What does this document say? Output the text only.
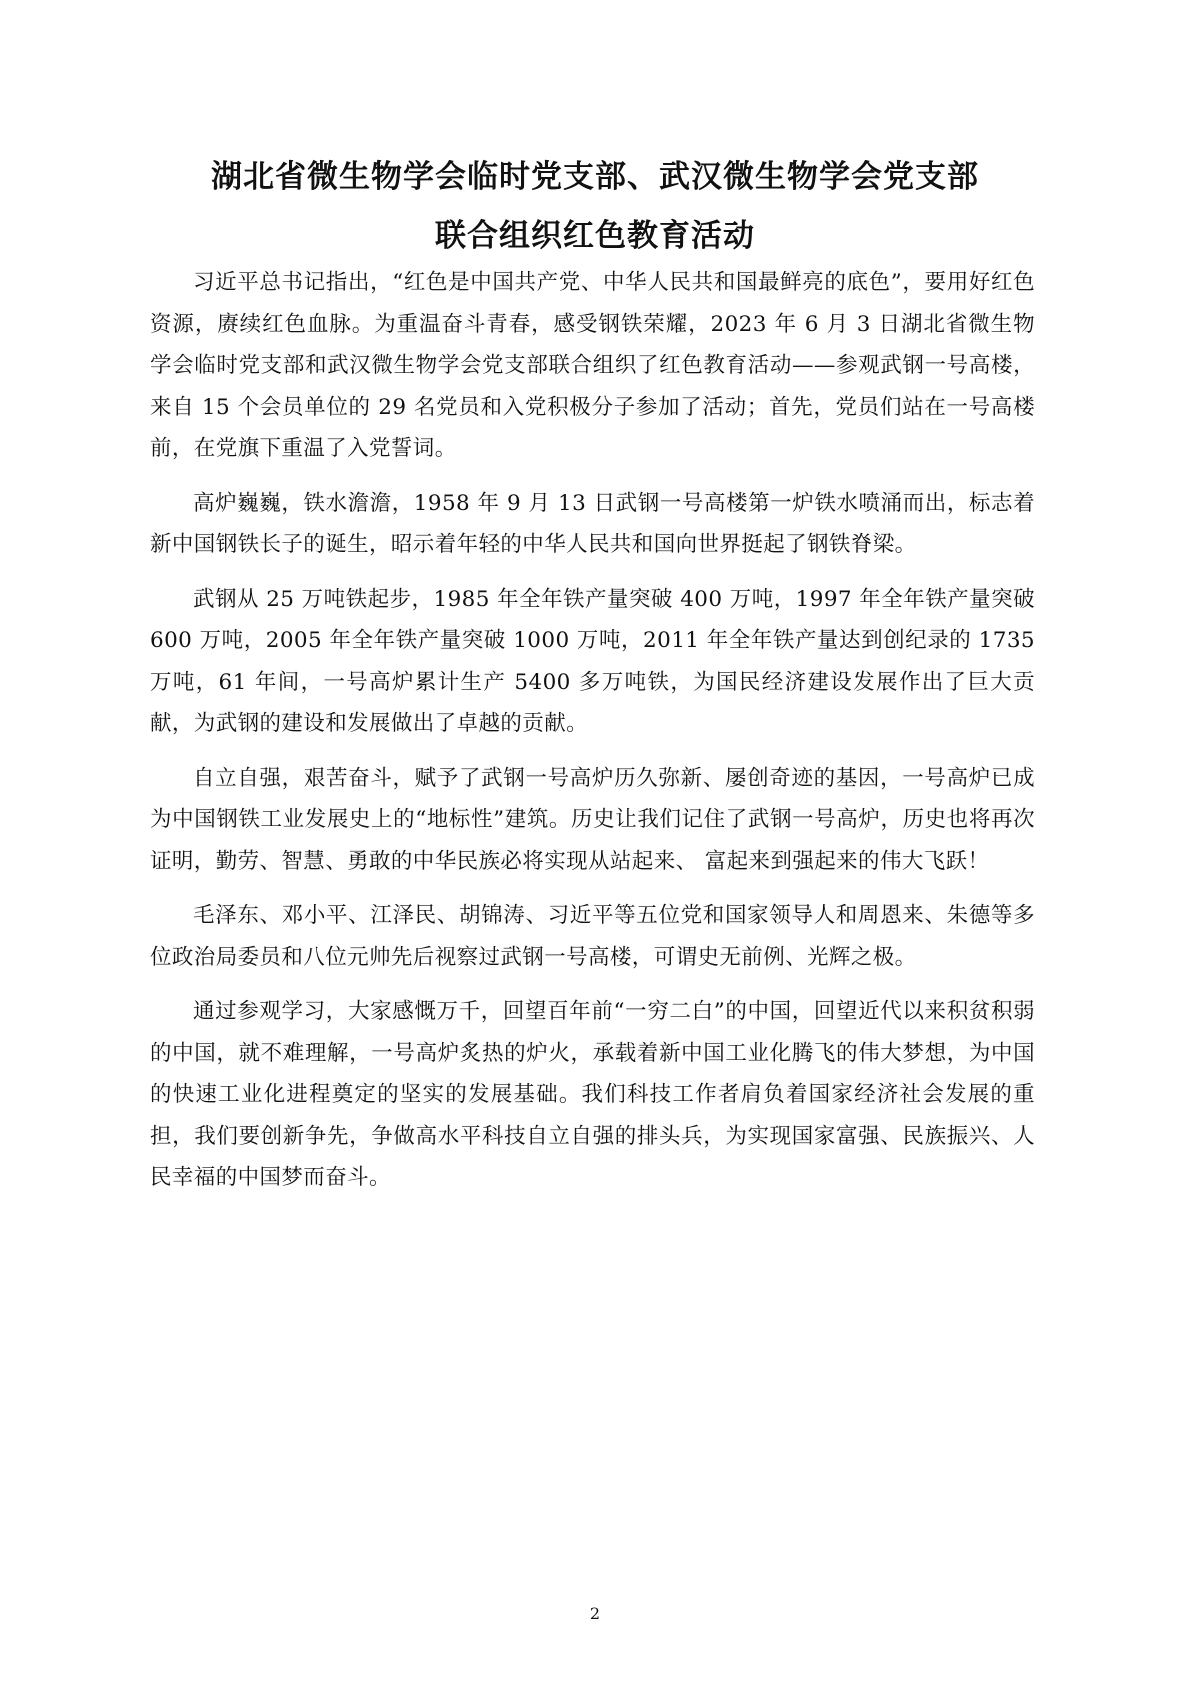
湖北省微生物学会临时党支部、武汉微生物学会党支部
联合组织红色教育活动

习近平总书记指出，“红色是中国共产党、中华人民共和国最鲜亮的底色”，要用好红色资源，赓续红色血脉。为重温奋斗青春，感受钢铁荣耀，2023 年 6 月 3 日湖北省微生物学会临时党支部和武汉微生物学会党支部联合组织了红色教育活动——参观武钢一号高楼，来自 15 个会员单位的 29 名党员和入党积极分子参加了活动；首先，党员们站在一号高楼前，在党旗下重温了入党誓词。

高炉巍巍，铁水澹澹，1958 年 9 月 13 日武钢一号高楼第一炉铁水喷涌而出，标志着新中国钢铁长子的诞生，昭示着年轻的中华人民共和国向世界挺起了钢铁脊梁。

武钢从 25 万吨铁起步，1985 年全年铁产量突破 400 万吨，1997 年全年铁产量突破 600 万吨，2005 年全年铁产量突破 1000 万吨，2011 年全年铁产量达到创纪录的 1735 万吨，61 年间，一号高炉累计生产 5400 多万吨铁，为国民经济建设发展作出了巨大贡献，为武钢的建设和发展做出了卓越的贡献。

自立自强，艰苦奋斗，赋予了武钢一号高炉历久弥新、屡创奇迹的基因，一号高炉已成为中国钢铁工业发展史上的“地标性”建筑。历史让我们记住了武钢一号高炉，历史也将再次证明，勤劳、智慧、勇敢的中华民族必将实现从站起来、 富起来到强起来的伟大飞跃！

毛泽东、邓小平、江泽民、胡锦涛、习近平等五位党和国家领导人和周恩来、朱德等多位政治局委员和八位元帅先后视察过武钢一号高楼，可谓史无前例、光辉之极。

通过参观学习，大家感慨万千，回望百年前“一穷二白”的中国，回望近代以来积贫积弱的中国，就不难理解，一号高炉炙热的炉火，承载着新中国工业化腾飞的伟大梦想，为中国的快速工业化进程奠定的坚实的发展基础。我们科技工作者肩负着国家经济社会发展的重担，我们要创新争先，争做高水平科技自立自强的排头兵，为实现国家富强、民族振兴、人民幸福的中国梦而奋斗。

2
